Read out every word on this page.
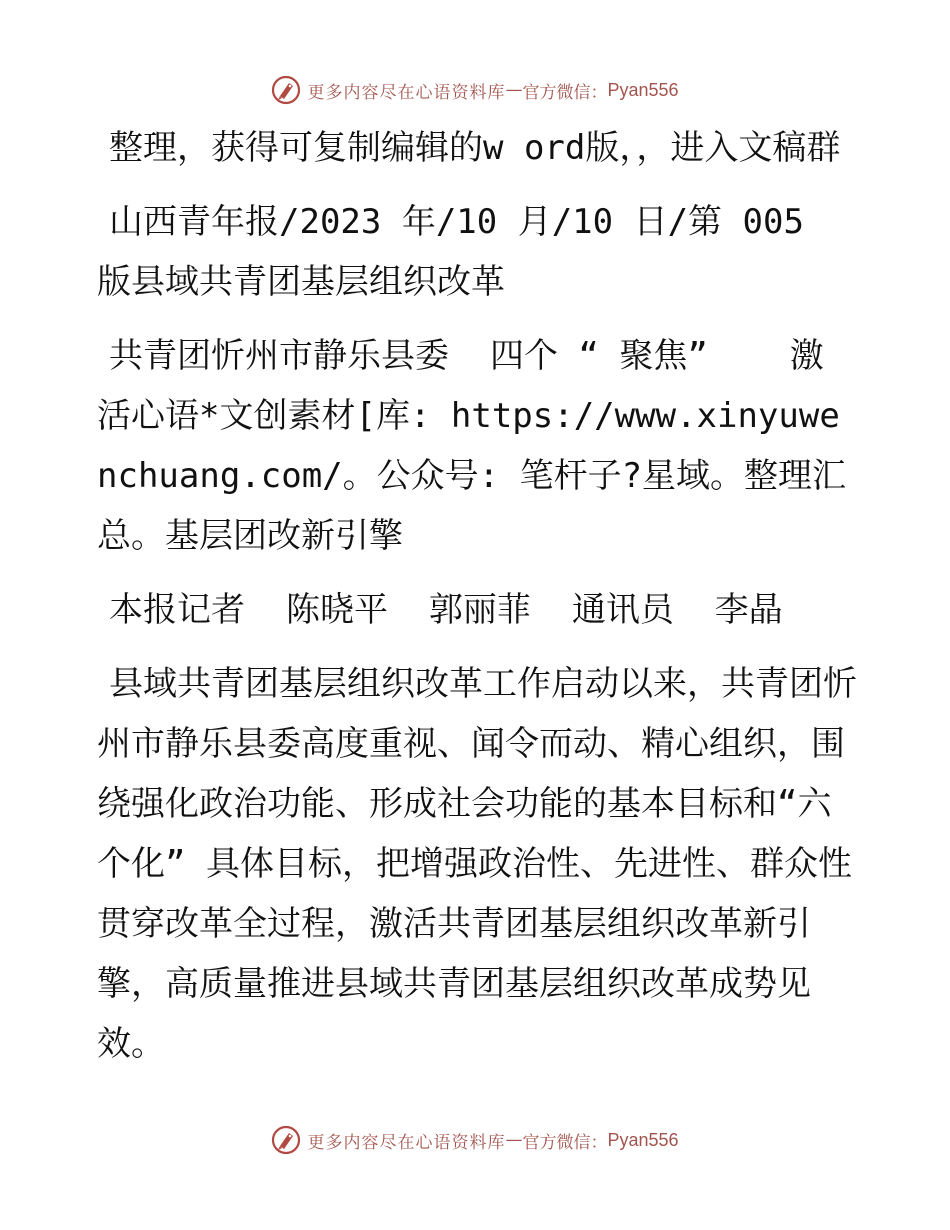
更多内容尽在心语资料库 — 官方微信： Pyan556

整理，获得可复制编辑的w ord版，，进入文稿群

山西青年报/2023 年/10 月/10 日/第 005 版县域共青团基层组织改革

共青团忻州市静乐县委  四个 “ 聚焦”    激活心语*文创素材[库: https://www.xinyuwenchuang.com/。公众号: 笔杆子?星域。整理汇总。基层团改新引擎

本报记者  陈晓平  郭丽菲  通讯员  李晶

县域共青团基层组织改革工作启动以来，共青团忻州市静乐县委高度重视、闻令而动、精心组织，围绕强化政治功能、形成社会功能的基本目标和“六个化” 具体目标，把增强政治性、先进性、群众性贯穿改革全过程，激活共青团基层组织改革新引擎，高质量推进县域共青团基层组织改革成势见效。

更多内容尽在心语资料库 — 官方微信： Pyan556
